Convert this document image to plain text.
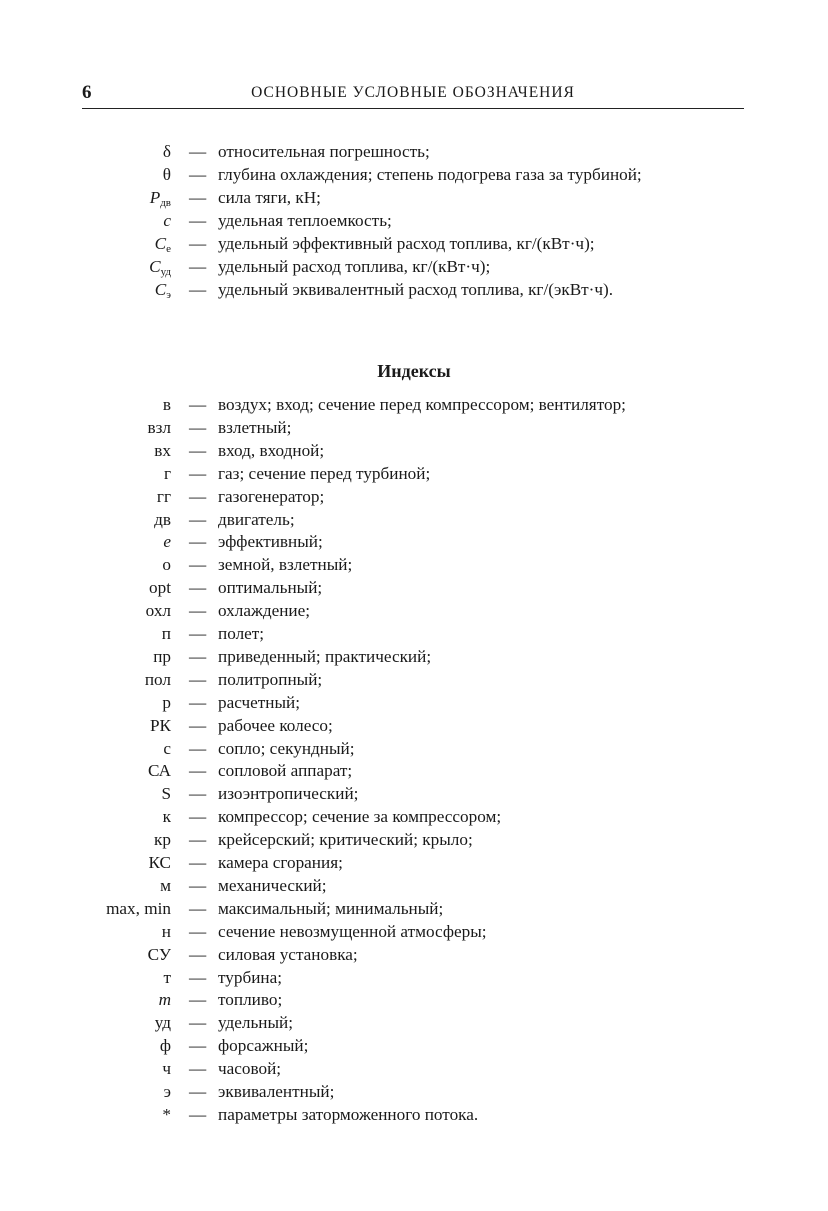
6	ОСНОВНЫЕ УСЛОВНЫЕ ОБОЗНАЧЕНИЯ
δ — относительная погрешность;
θ — глубина охлаждения; степень подогрева газа за турбиной;
$P_{дв}$ — сила тяги, кН;
c — удельная теплоемкость;
$C_e$ — удельный эффективный расход топлива, кг/(кВт·ч);
$C_{уд}$ — удельный расход топлива, кг/(кВт·ч);
$C_э$ — удельный эквивалентный расход топлива, кг/(экВт·ч).
Индексы
в — воздух; вход; сечение перед компрессором; вентилятор;
взл — взлетный;
вх — вход, входной;
г — газ; сечение перед турбиной;
гг — газогенератор;
дв — двигатель;
e — эффективный;
о — земной, взлетный;
opt — оптимальный;
охл — охлаждение;
п — полет;
пр — приведенный; практический;
пол — политропный;
р — расчетный;
РК — рабочее колесо;
с — сопло; секундный;
СА — сопловой аппарат;
S — изоэнтропический;
к — компрессор; сечение за компрессором;
кр — крейсерский; критический; крыло;
КС — камера сгорания;
м — механический;
max, min — максимальный; минимальный;
н — сечение невозмущенной атмосферы;
СУ — силовая установка;
т — турбина;
m — топливо;
уд — удельный;
ф — форсажный;
ч — часовой;
э — эквивалентный;
* — параметры заторможенного потока.
